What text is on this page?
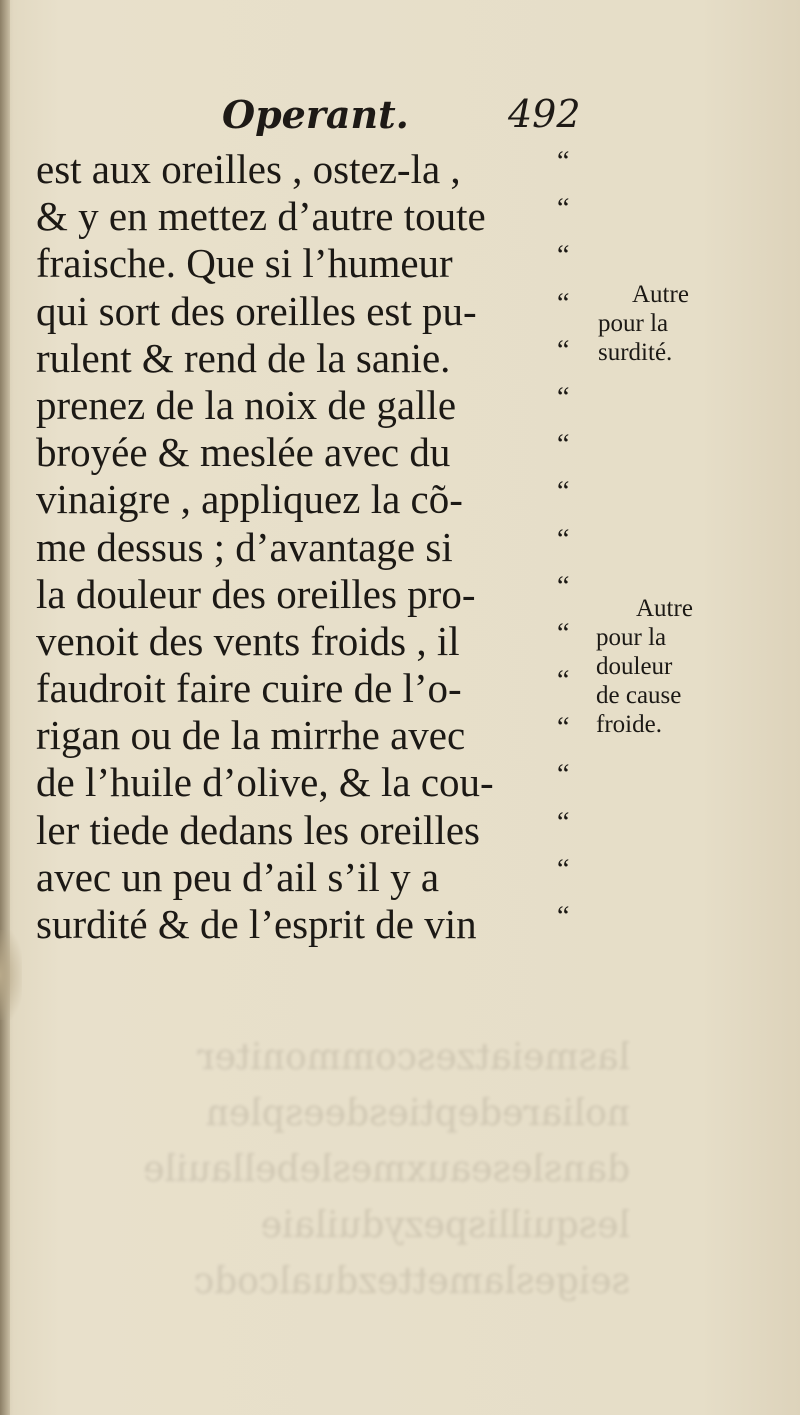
lasmeiatzescommoniter
noliaredeptiesdeesplen
dansleseauxmeslebellauile
lesquillispezyduilaie
seigeslamettezdualcodc
Operant.	492
est aux oreilles , ostez-la ,	“
& y en mettez d’autre toute	“
fraische. Que si l’humeur	“
qui sort des oreilles est pu-	“
rulent & rend de la sanie.	“
prenez de la noix de galle	“
broyée & meslée avec du	“
vinaigre , appliquez la cõ-	“
me dessus ; d’avantage si	“
la douleur des oreilles pro-	“
venoit des vents froids , il	“
faudroit faire cuire de l’o-	“
rigan ou de la mirrhe avec	“
de l’huile d’olive, & la cou- “
ler tiede dedans les oreilles	“
avec un peu d’ail s’il y a	“
surdité & de l’esprit de vin	“
Autre
pour la
surdité.
Autre
pour la
douleur
de cause
froide.
